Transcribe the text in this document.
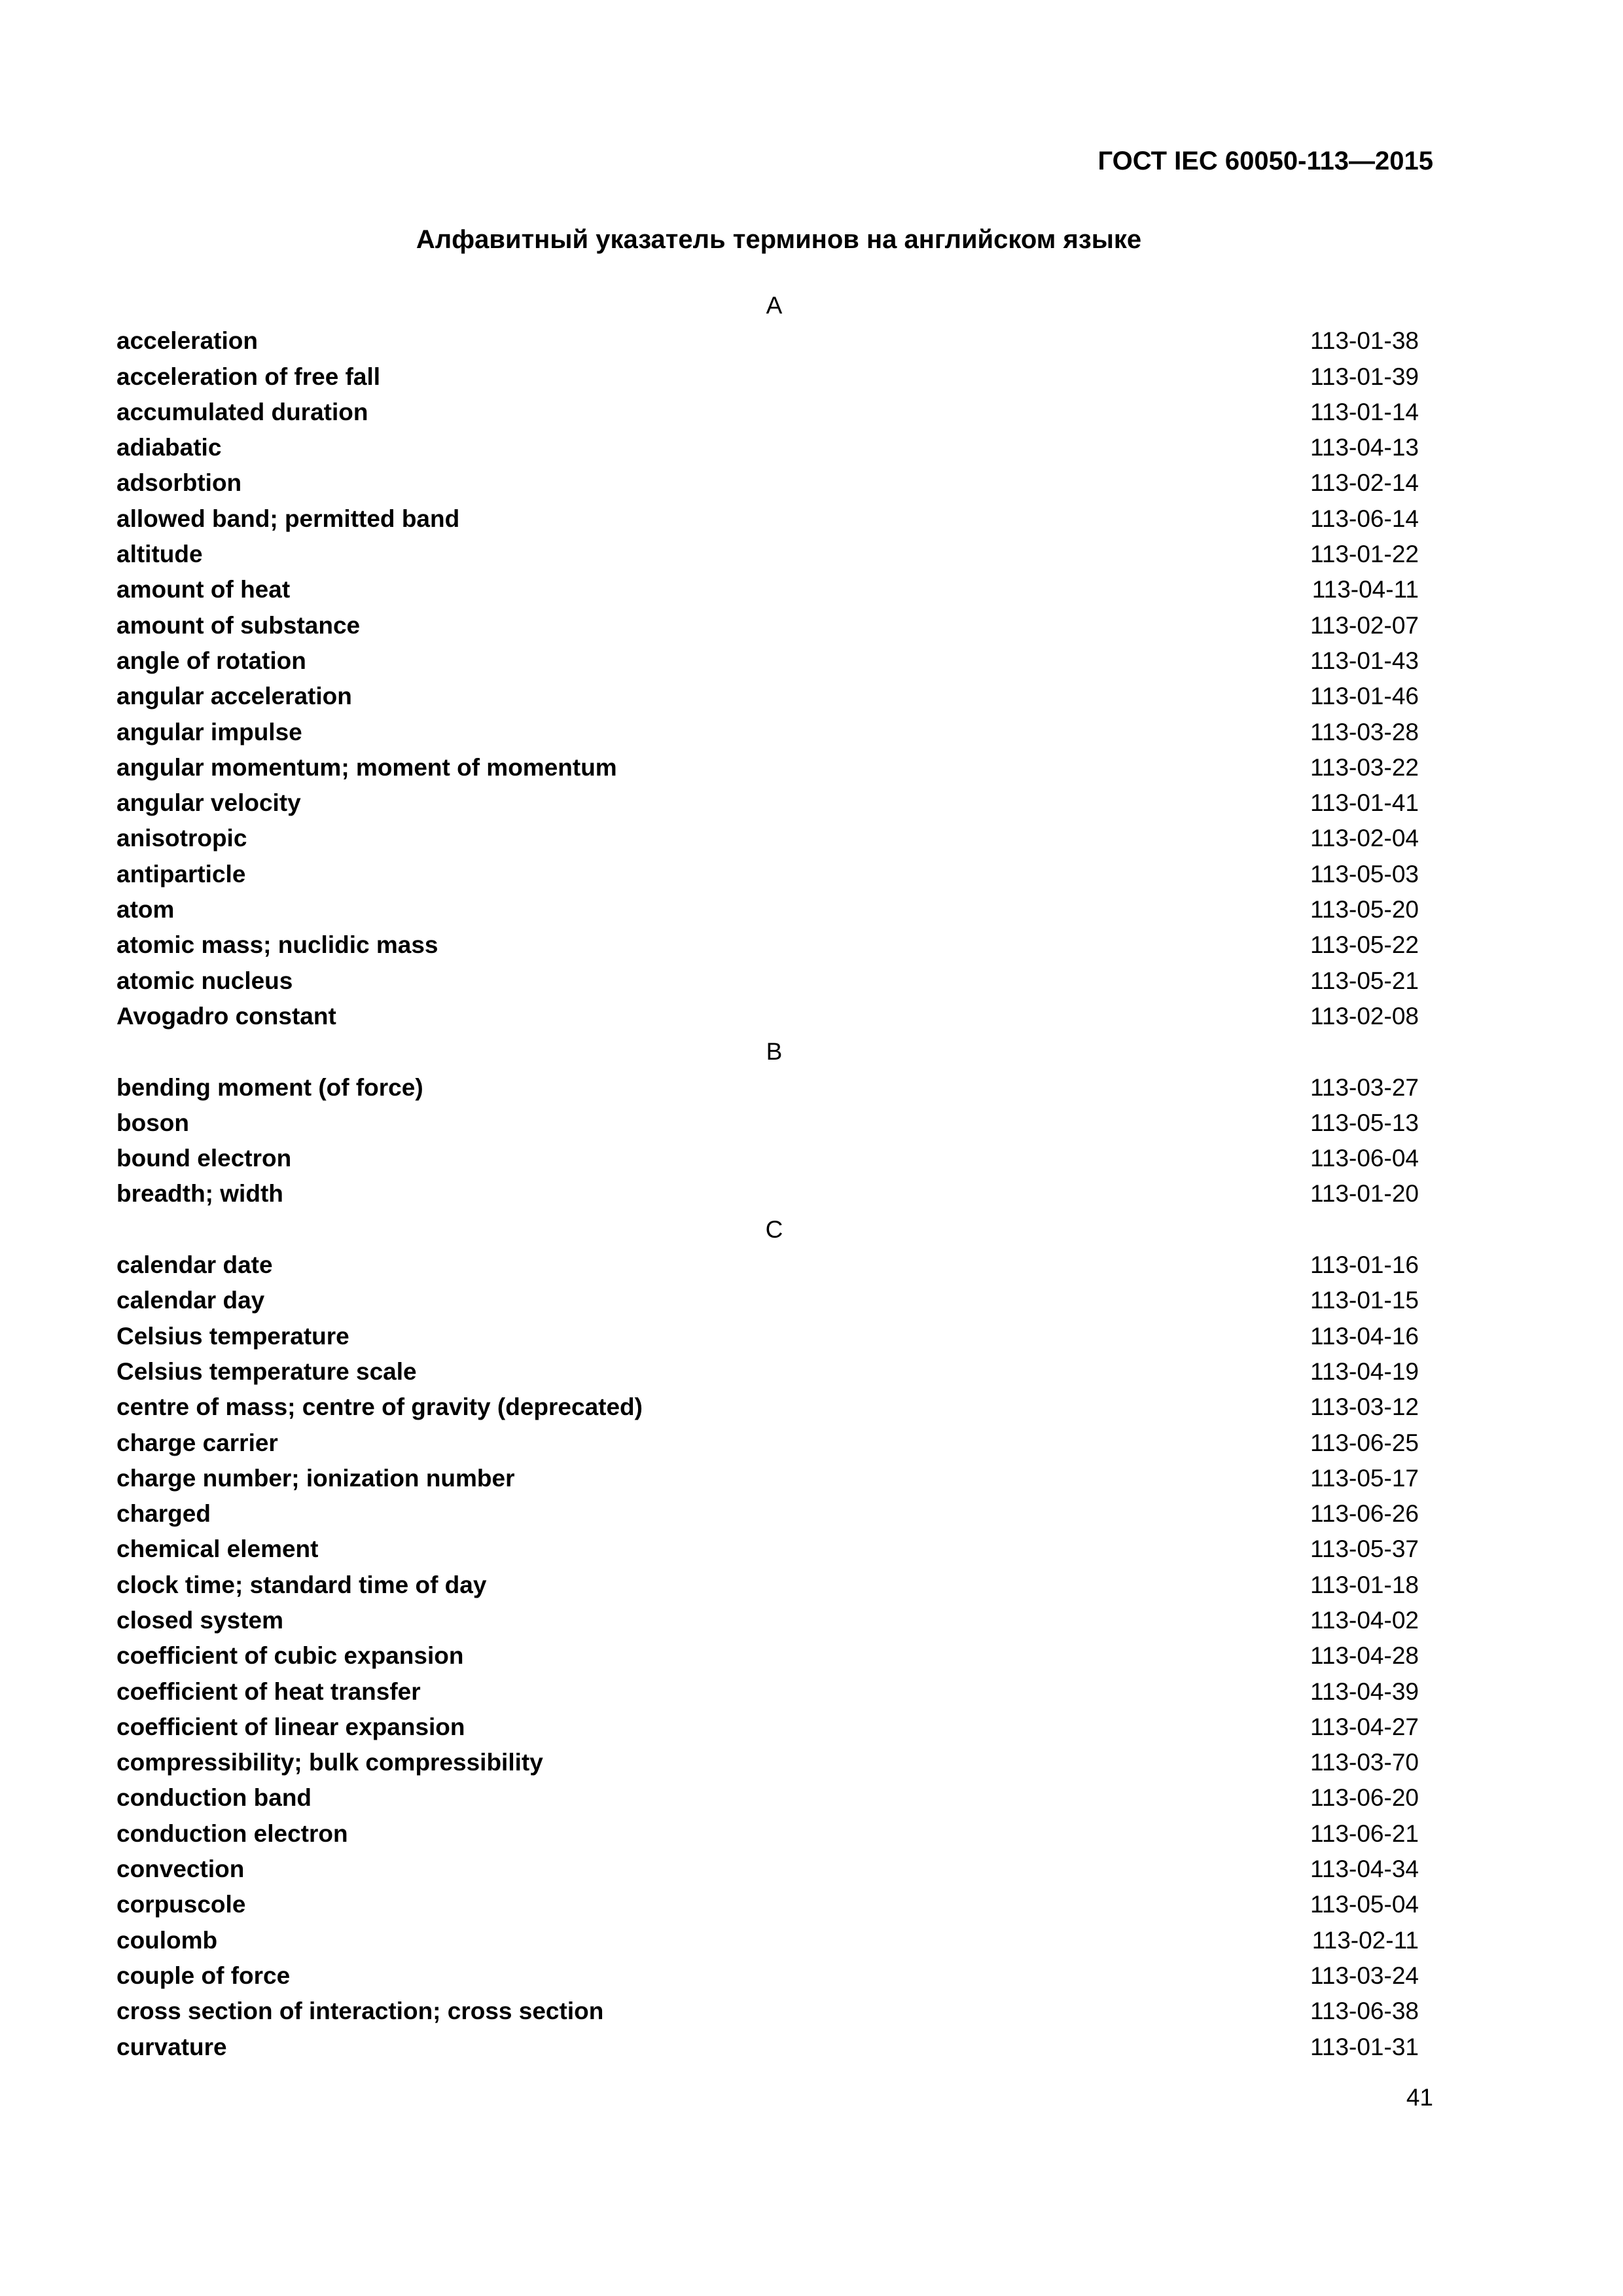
ГОСТ IEC 60050-113—2015
Алфавитный указатель терминов на английском языке
A
acceleration	113-01-38
acceleration of free fall	113-01-39
accumulated duration	113-01-14
adiabatic	113-04-13
adsorbtion	113-02-14
allowed band; permitted band	113-06-14
altitude	113-01-22
amount of heat	113-04-11
amount of substance	113-02-07
angle of rotation	113-01-43
angular acceleration	113-01-46
angular impulse	113-03-28
angular momentum; moment of momentum	113-03-22
angular velocity	113-01-41
anisotropic	113-02-04
antiparticle	113-05-03
atom	113-05-20
atomic mass; nuclidic mass	113-05-22
atomic nucleus	113-05-21
Avogadro constant	113-02-08
B
bending moment (of force)	113-03-27
boson	113-05-13
bound electron	113-06-04
breadth; width	113-01-20
C
calendar date	113-01-16
calendar day	113-01-15
Celsius temperature	113-04-16
Celsius temperature scale	113-04-19
centre of mass; centre of gravity (deprecated)	113-03-12
charge carrier	113-06-25
charge number; ionization number	113-05-17
charged	113-06-26
chemical element	113-05-37
clock time; standard time of day	113-01-18
closed system	113-04-02
coefficient of cubic expansion	113-04-28
coefficient of heat transfer	113-04-39
coefficient of linear expansion	113-04-27
compressibility; bulk compressibility	113-03-70
conduction band	113-06-20
conduction electron	113-06-21
convection	113-04-34
corpuscole	113-05-04
coulomb	113-02-11
couple of force	113-03-24
cross section of interaction; cross section	113-06-38
curvature	113-01-31
41
